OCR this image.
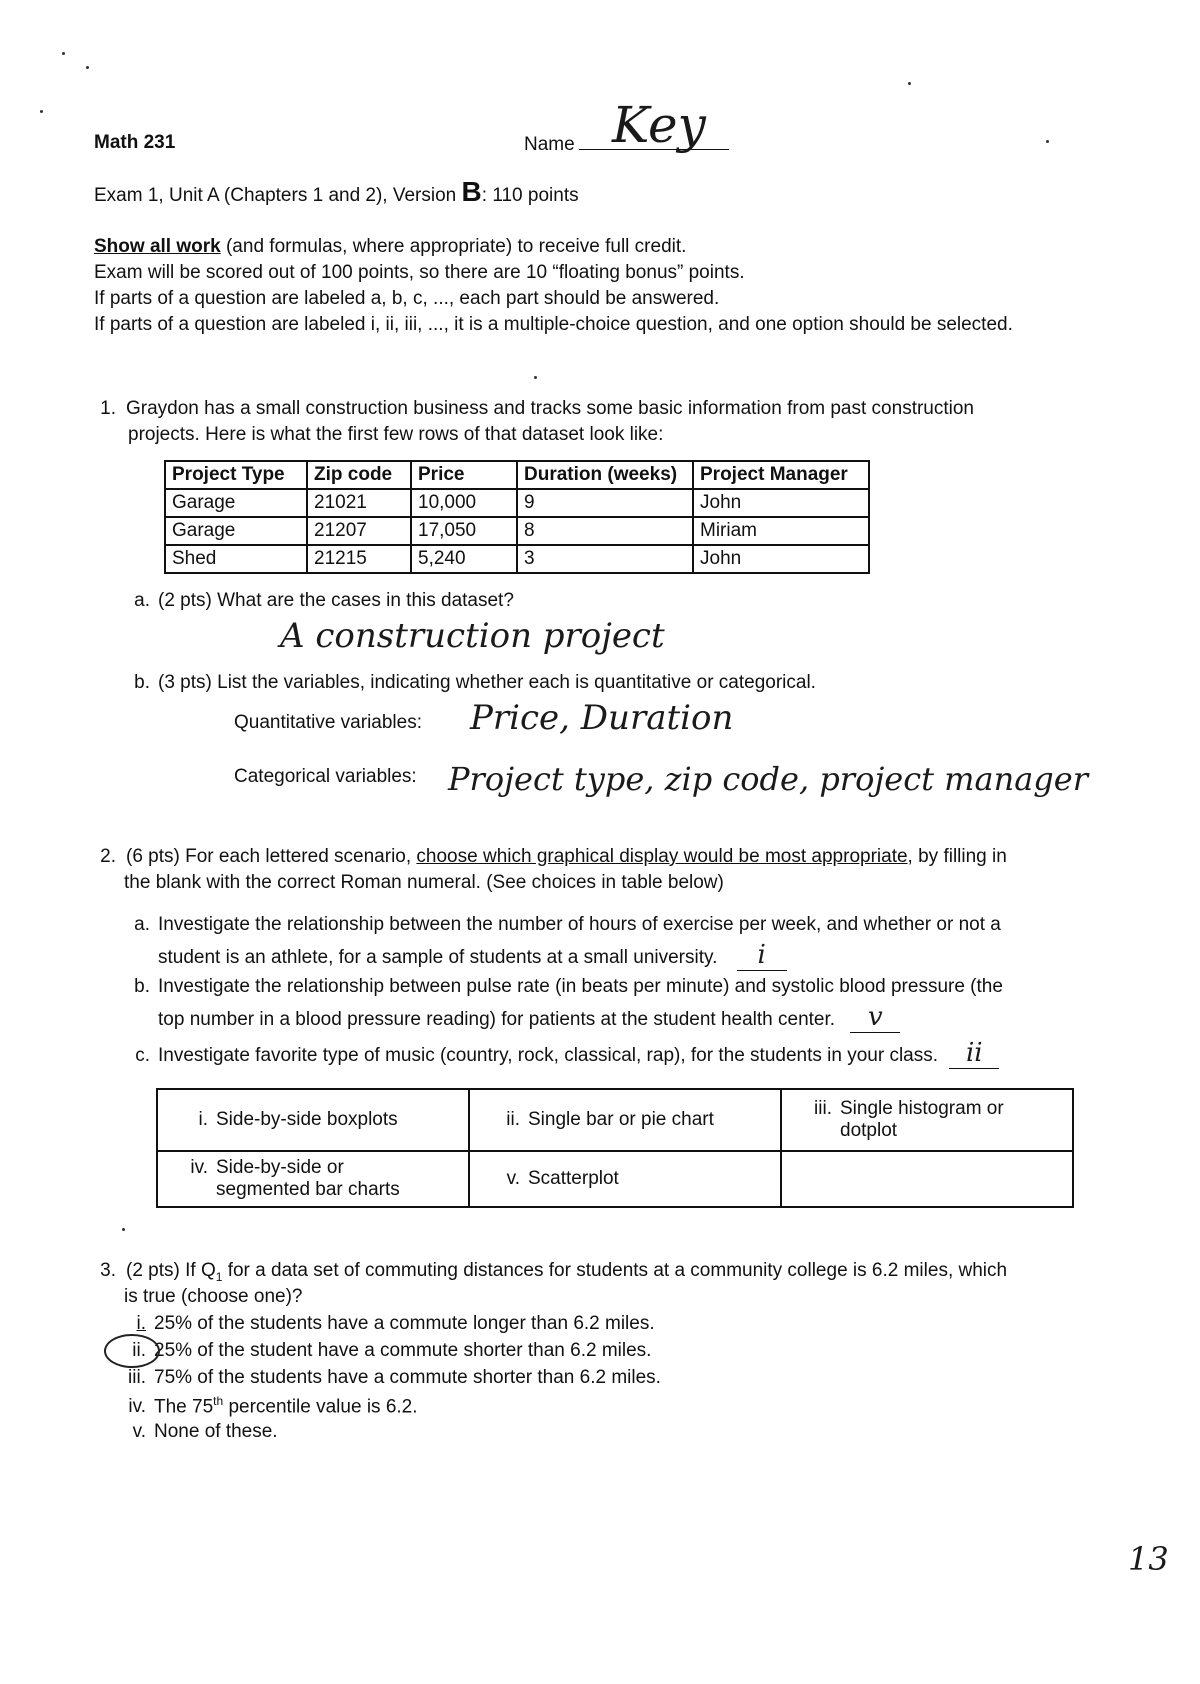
Math 231	Name Key
Exam 1, Unit A (Chapters 1 and 2), Version B: 110 points
Show all work (and formulas, where appropriate) to receive full credit.
Exam will be scored out of 100 points, so there are 10 “floating bonus” points.
If parts of a question are labeled a, b, c, ..., each part should be answered.
If parts of a question are labeled i, ii, iii, ..., it is a multiple-choice question, and one option should be selected.
1. Graydon has a small construction business and tracks some basic information from past construction
projects. Here is what the first few rows of that dataset look like:
Project Type	Zip code	Price	Duration (weeks)	Project Manager
Garage	21021	10,000	9	John
Garage	21207	17,050	8	Miriam
Shed	21215	5,240	3	John
a. (2 pts) What are the cases in this dataset?
A construction project
b. (3 pts) List the variables, indicating whether each is quantitative or categorical.
Quantitative variables: Price, Duration
Categorical variables: Project type, zip code, project manager
2. (6 pts) For each lettered scenario, choose which graphical display would be most appropriate, by filling in
the blank with the correct Roman numeral. (See choices in table below)
a. Investigate the relationship between the number of hours of exercise per week, and whether or not a
student is an athlete, for a sample of students at a small university. i
b. Investigate the relationship between pulse rate (in beats per minute) and systolic blood pressure (the
top number in a blood pressure reading) for patients at the student health center. v
c. Investigate favorite type of music (country, rock, classical, rap), for the students in your class. ii
i. Side-by-side boxplots	ii. Single bar or pie chart	iii. Single histogram or
dotplot

iv. Side-by-side or
segmented bar charts	v. Scatterplot	
3. (2 pts) If $Q_1$ for a data set of commuting distances for students at a community college is 6.2 miles, which
is true (choose one)?
i. 25% of the students have a commute longer than 6.2 miles.
ii. 25% of the student have a commute shorter than 6.2 miles.
iii. 75% of the students have a commute shorter than 6.2 miles.
iv. The 75th percentile value is 6.2.
v. None of these.
13
